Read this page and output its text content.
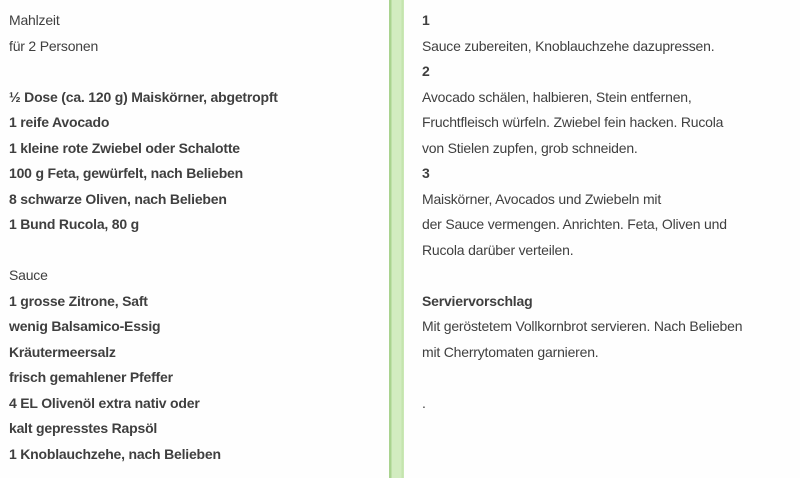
Mahlzeit
für 2 Personen
½ Dose (ca. 120 g) Maiskörner, abgetropft
1 reife Avocado
1 kleine rote Zwiebel oder Schalotte
100 g Feta, gewürfelt, nach Belieben
8 schwarze Oliven, nach Belieben
1 Bund Rucola, 80 g
Sauce
1 grosse Zitrone, Saft
wenig Balsamico-Essig
Kräutermeersalz
frisch gemahlener Pfeffer
4 EL Olivenöl extra nativ oder
kalt gepresstes Rapsöl
1 Knoblauchzehe, nach Belieben
1
Sauce zubereiten, Knoblauchzehe dazupressen.
2
Avocado schälen, halbieren, Stein entfernen,
Fruchtfleisch würfeln. Zwiebel fein hacken. Rucola
von Stielen zupfen, grob schneiden.
3
Maiskörner, Avocados und Zwiebeln mit
der Sauce vermengen. Anrichten. Feta, Oliven und
Rucola darüber verteilen.
Serviervorschlag
Mit geröstetem Vollkornbrot servieren. Nach Belieben
mit Cherrytomaten garnieren.
.
